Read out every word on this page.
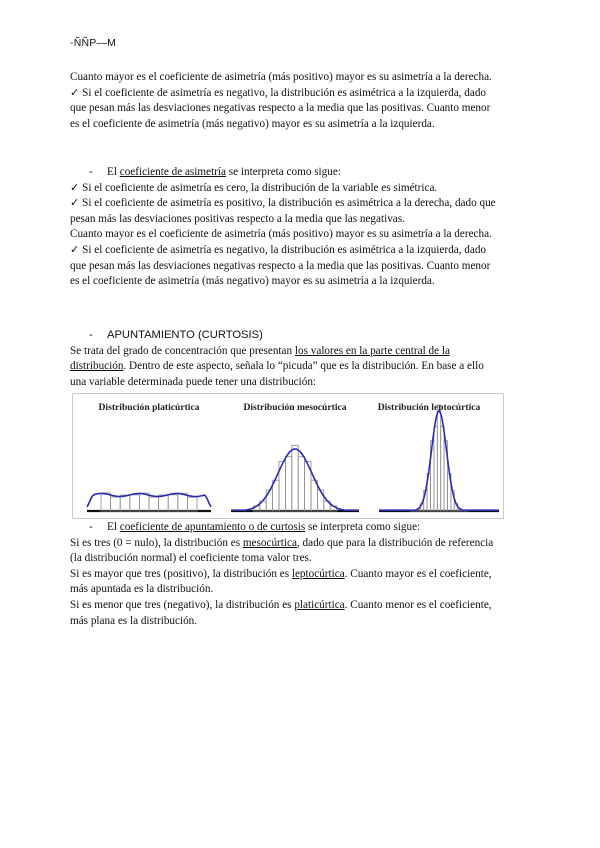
-ÑÑP—M

Cuanto mayor es el coeficiente de asimetría (más positivo) mayor es su asimetría a la derecha.

✓ Si el coeficiente de asimetría es negativo, la distribución es asimétrica a la izquierda, dado que pesan más las desviaciones negativas respecto a la media que las positivas. Cuanto menor es el coeficiente de asimetría (más negativo) mayor es su asimetría a la izquierda.

- El coeficiente de asimetría se interpreta como sigue:

✓ Si el coeficiente de asimetría es cero, la distribución de la variable es simétrica.

✓ Si el coeficiente de asimetría es positivo, la distribución es asimétrica a la derecha, dado que pesan más las desviaciones positivas respecto a la media que las negativas.

Cuanto mayor es el coeficiente de asimetría (más positivo) mayor es su asimetría a la derecha.

✓ Si el coeficiente de asimetría es negativo, la distribución es asimétrica a la izquierda, dado que pesan más las desviaciones negativas respecto a la media que las positivas. Cuanto menor es el coeficiente de asimetría (más negativo) mayor es su asimetría a la izquierda.

- APUNTAMIENTO (CURTOSIS)

Se trata del grado de concentración que presentan los valores en la parte central de la distribución. Dentro de este aspecto, señala lo “picuda” que es la distribución. En base a ello una variable determinada puede tener una distribución:

Distribución platicúrtica	Distribución mesocúrtica	Distribución leptocúrtica

- El coeficiente de apuntamiento o de curtosis se interpreta como sigue:

Si es tres (0 = nulo), la distribución es mesocúrtica, dado que para la distribución de referencia (la distribución normal) el coeficiente toma valor tres.

Si es mayor que tres (positivo), la distribución es leptocúrtica. Cuanto mayor es el coeficiente, más apuntada es la distribución.

Si es menor que tres (negativo), la distribución es platicúrtica. Cuanto menor es el coeficiente, más plana es la distribución.
